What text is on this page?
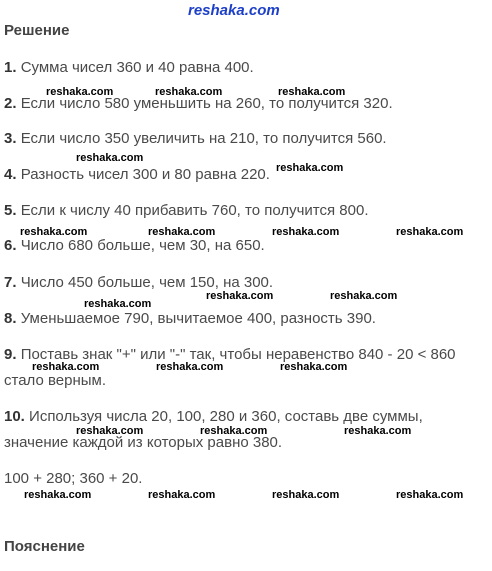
reshaka.com
Решение
1. Сумма чисел 360 и 40 равна 400.
2. Если число 580 уменьшить на 260, то получится 320.
3. Если число 350 увеличить на 210, то получится 560.
4. Разность чисел 300 и 80 равна 220.
5. Если к числу 40 прибавить 760, то получится 800.
6. Число 680 больше, чем 30, на 650.
7. Число 450 больше, чем 150, на 300.
8. Уменьшаемое 790, вычитаемое 400, разность 390.
9. Поставь знак "+" или "-" так, чтобы неравенство 840 - 20 < 860
стало верным.
10. Используя числа 20, 100, 280 и 360, составь две суммы,
значение каждой из которых равно 380.
100 + 280; 360 + 20.
Пояснение
reshaka.com	reshaka.com	reshaka.com
reshaka.com
reshaka.com
reshaka.com	reshaka.com	reshaka.com	reshaka.com
reshaka.com	reshaka.com
reshaka.com
reshaka.com	reshaka.com	reshaka.com
reshaka.com	reshaka.com	reshaka.com
reshaka.com	reshaka.com	reshaka.com	reshaka.com
